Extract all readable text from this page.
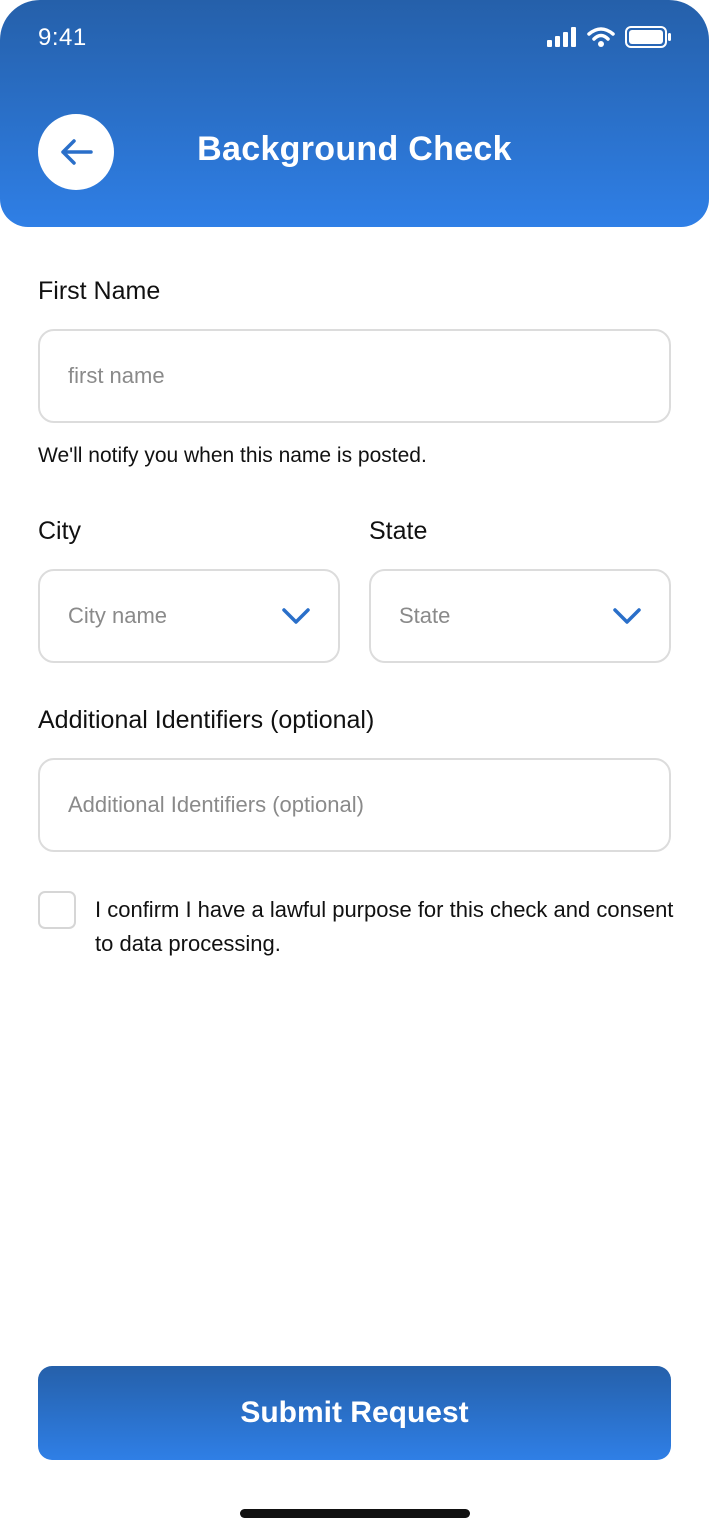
9:41
Background Check
First Name
first name
We'll notify you when this name is posted.
City
City name
State
State
Additional Identifiers (optional)
Additional Identifiers (optional)
I confirm I have a lawful purpose for this check and consent to data processing.
Submit Request
